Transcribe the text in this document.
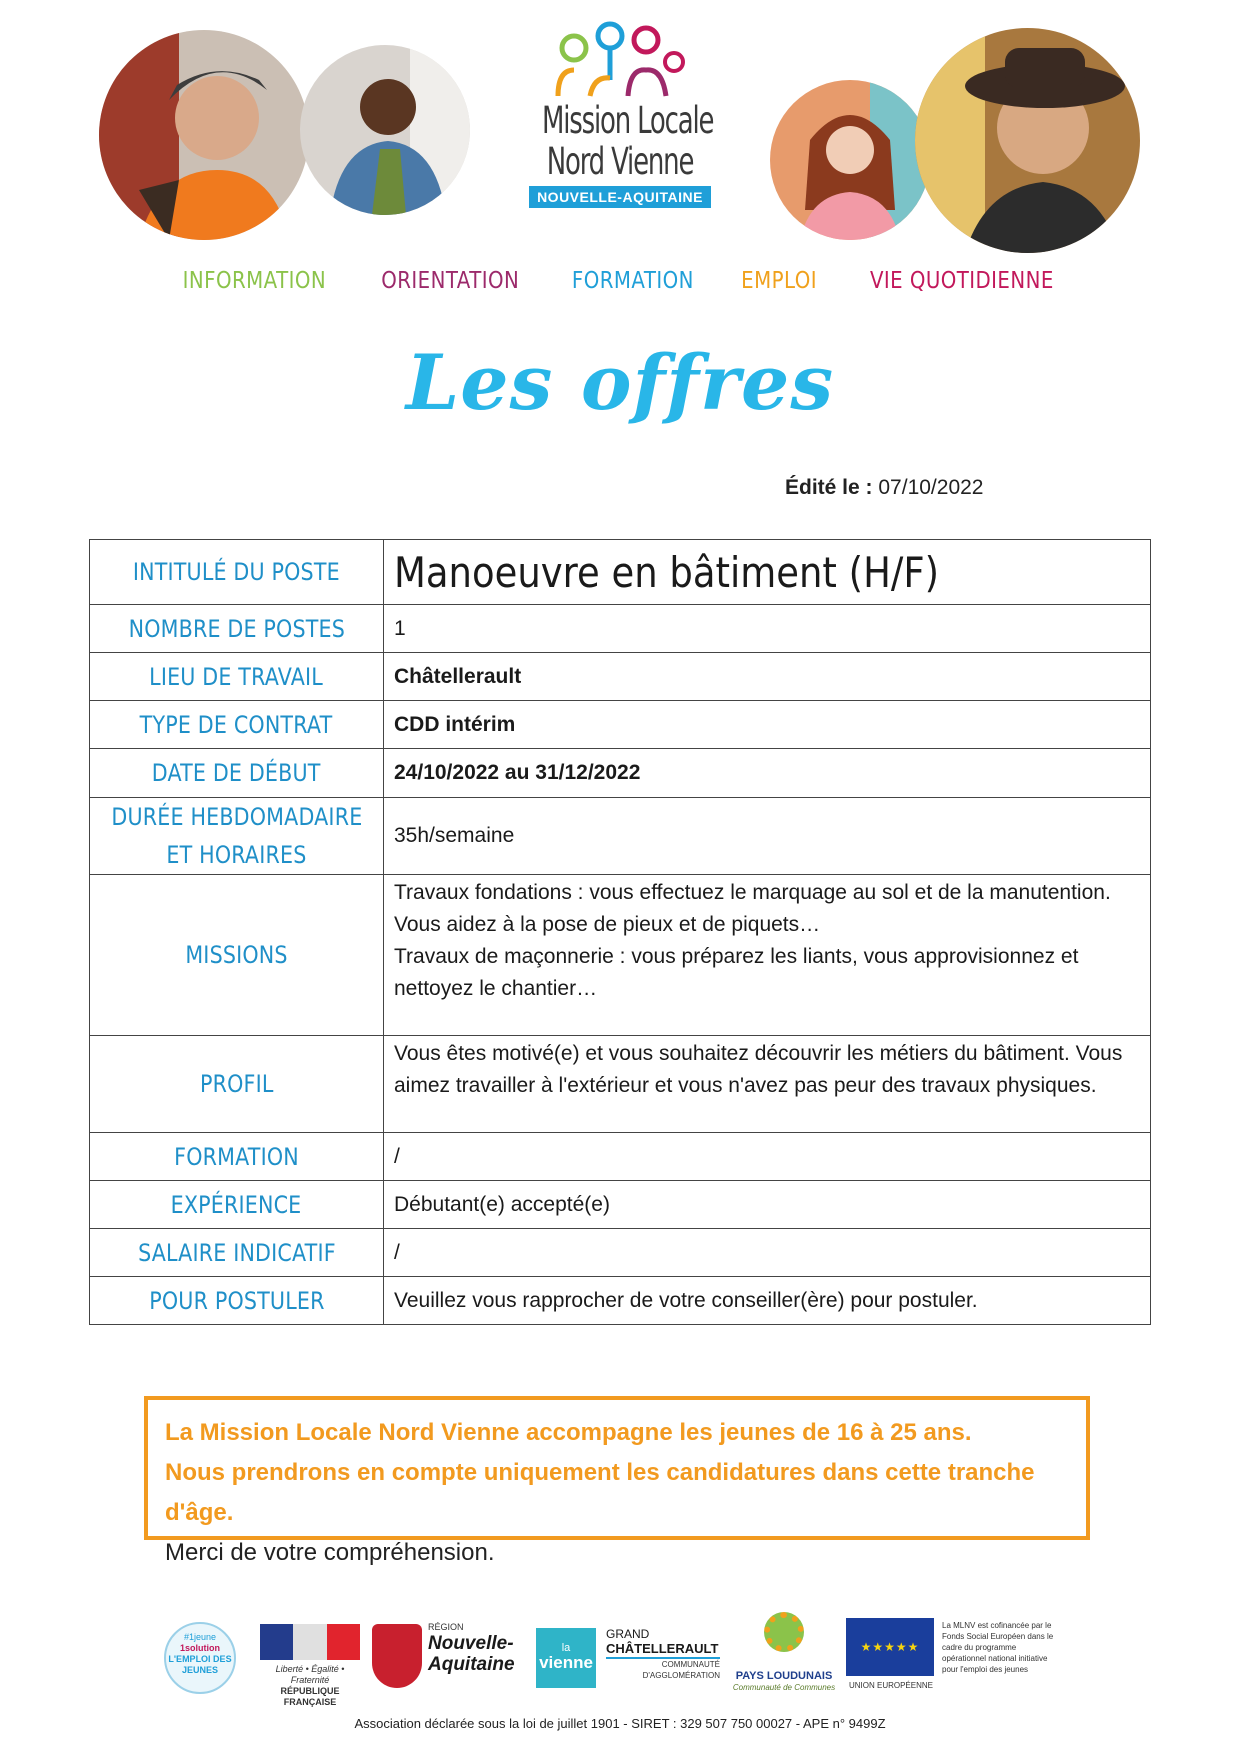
Mission Locale
Nord Vienne
NOUVELLE-AQUITAINE
INFORMATION ORIENTATION FORMATION EMPLOI VIE QUOTIDIENNE
Les offres
Édité le : 07/10/2022
INTITULÉ DU POSTE	Manoeuvre en bâtiment (H/F)
NOMBRE DE POSTES	1
LIEU DE TRAVAIL	Châtellerault
TYPE DE CONTRAT	CDD intérim
DATE DE DÉBUT	24/10/2022 au 31/12/2022
DURÉE HEBDOMADAIRE
ET HORAIRES	35h/semaine
MISSIONS	Travaux fondations : vous effectuez le marquage au sol et de la manutention.
Vous aidez à la pose de pieux et de piquets…
Travaux de maçonnerie : vous préparez les liants, vous approvisionnez et
nettoyez le chantier…

PROFIL	Vous êtes motivé(e) et vous souhaitez découvrir les métiers du bâtiment. Vous
aimez travailler à l'extérieur et vous n'avez pas peur des travaux physiques.

FORMATION	/
EXPÉRIENCE	Débutant(e) accepté(e)
SALAIRE INDICATIF	/
POUR POSTULER	Veuillez vous rapprocher de votre conseiller(ère) pour postuler.
La Mission Locale Nord Vienne accompagne les jeunes de 16 à 25 ans.
Nous prendrons en compte uniquement les candidatures dans cette tranche d'âge.
Merci de votre compréhension.
#1jeune
1solution
L'EMPLOI DES JEUNES	Liberté • Égalité • Fraternité
RÉPUBLIQUE FRANÇAISE
RÉGION
Nouvelle-
Aquitaine
la
vienne
GRAND
CHÂTELLERAULT
COMMUNAUTÉ
D'AGGLOMÉRATION	PAYS LOUDUNAIS
Communauté de Communes
★★★★★
UNION EUROPÉENNE
La MLNV est cofinancée par le
Fonds Social Européen dans le
cadre du programme
opérationnel national initiative
pour l'emploi des jeunes
Association déclarée sous la loi de juillet 1901 - SIRET : 329 507 750 00027 - APE n° 9499Z
